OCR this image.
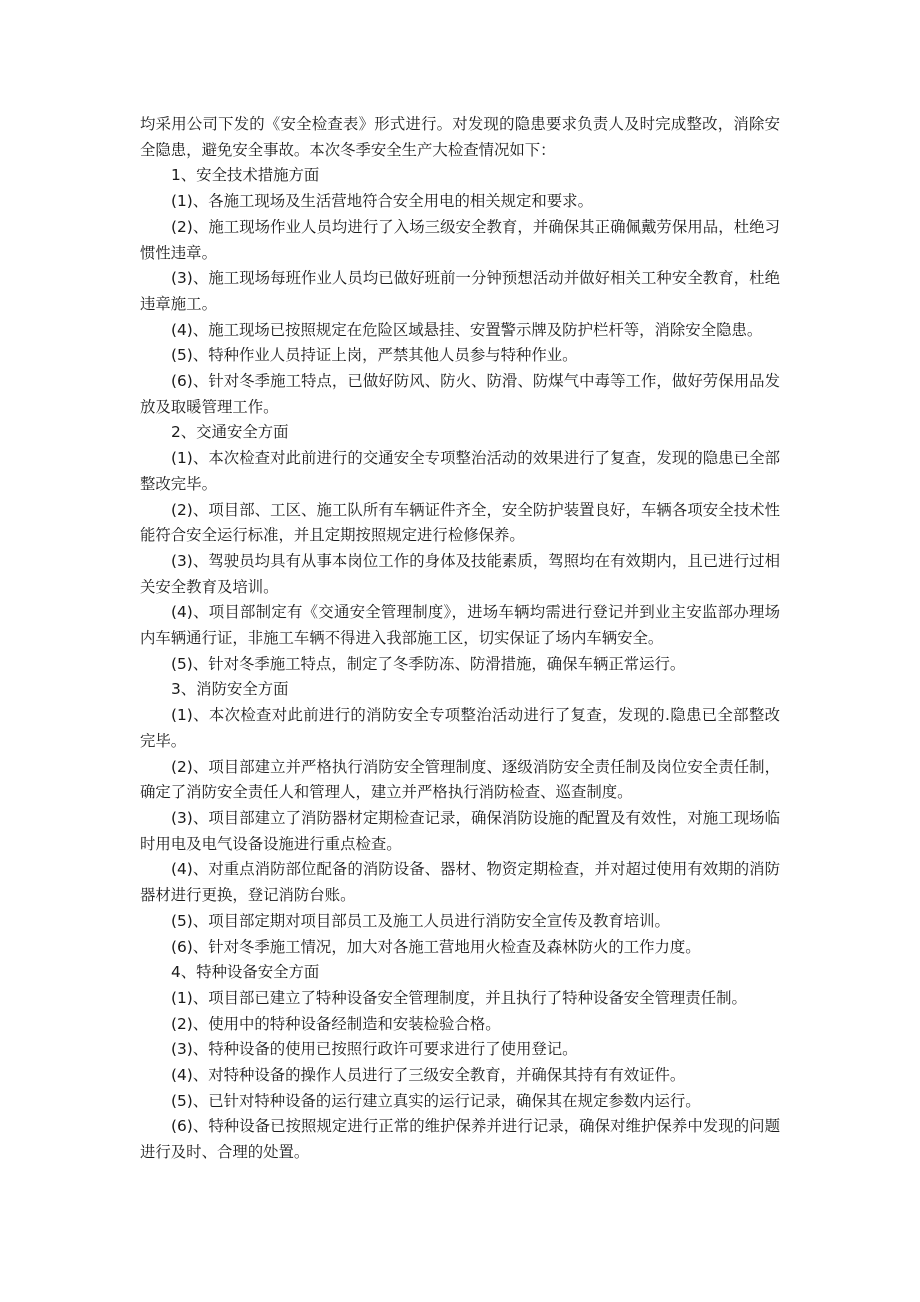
均采用公司下发的《安全检查表》形式进行。对发现的隐患要求负责人及时完成整改，消除安全隐患，避免安全事故。本次冬季安全生产大检查情况如下：

1、安全技术措施方面

(1)、各施工现场及生活营地符合安全用电的相关规定和要求。

(2)、施工现场作业人员均进行了入场三级安全教育，并确保其正确佩戴劳保用品，杜绝习惯性违章。

(3)、施工现场每班作业人员均已做好班前一分钟预想活动并做好相关工种安全教育，杜绝违章施工。

(4)、施工现场已按照规定在危险区域悬挂、安置警示牌及防护栏杆等，消除安全隐患。

(5)、特种作业人员持证上岗，严禁其他人员参与特种作业。

(6)、针对冬季施工特点，已做好防风、防火、防滑、防煤气中毒等工作，做好劳保用品发放及取暖管理工作。

2、交通安全方面

(1)、本次检查对此前进行的交通安全专项整治活动的效果进行了复查，发现的隐患已全部整改完毕。

(2)、项目部、工区、施工队所有车辆证件齐全，安全防护装置良好，车辆各项安全技术性能符合安全运行标准，并且定期按照规定进行检修保养。

(3)、驾驶员均具有从事本岗位工作的身体及技能素质，驾照均在有效期内，且已进行过相关安全教育及培训。

(4)、项目部制定有《交通安全管理制度》，进场车辆均需进行登记并到业主安监部办理场内车辆通行证，非施工车辆不得进入我部施工区，切实保证了场内车辆安全。

(5)、针对冬季施工特点，制定了冬季防冻、防滑措施，确保车辆正常运行。

3、消防安全方面

(1)、本次检查对此前进行的消防安全专项整治活动进行了复查，发现的.隐患已全部整改完毕。

(2)、项目部建立并严格执行消防安全管理制度、逐级消防安全责任制及岗位安全责任制，确定了消防安全责任人和管理人，建立并严格执行消防检查、巡查制度。

(3)、项目部建立了消防器材定期检查记录，确保消防设施的配置及有效性，对施工现场临时用电及电气设备设施进行重点检查。

(4)、对重点消防部位配备的消防设备、器材、物资定期检查，并对超过使用有效期的消防器材进行更换，登记消防台账。

(5)、项目部定期对项目部员工及施工人员进行消防安全宣传及教育培训。

(6)、针对冬季施工情况，加大对各施工营地用火检查及森林防火的工作力度。

4、特种设备安全方面

(1)、项目部已建立了特种设备安全管理制度，并且执行了特种设备安全管理责任制。

(2)、使用中的特种设备经制造和安装检验合格。

(3)、特种设备的使用已按照行政许可要求进行了使用登记。

(4)、对特种设备的操作人员进行了三级安全教育，并确保其持有有效证件。

(5)、已针对特种设备的运行建立真实的运行记录，确保其在规定参数内运行。

(6)、特种设备已按照规定进行正常的维护保养并进行记录，确保对维护保养中发现的问题进行及时、合理的处置。
